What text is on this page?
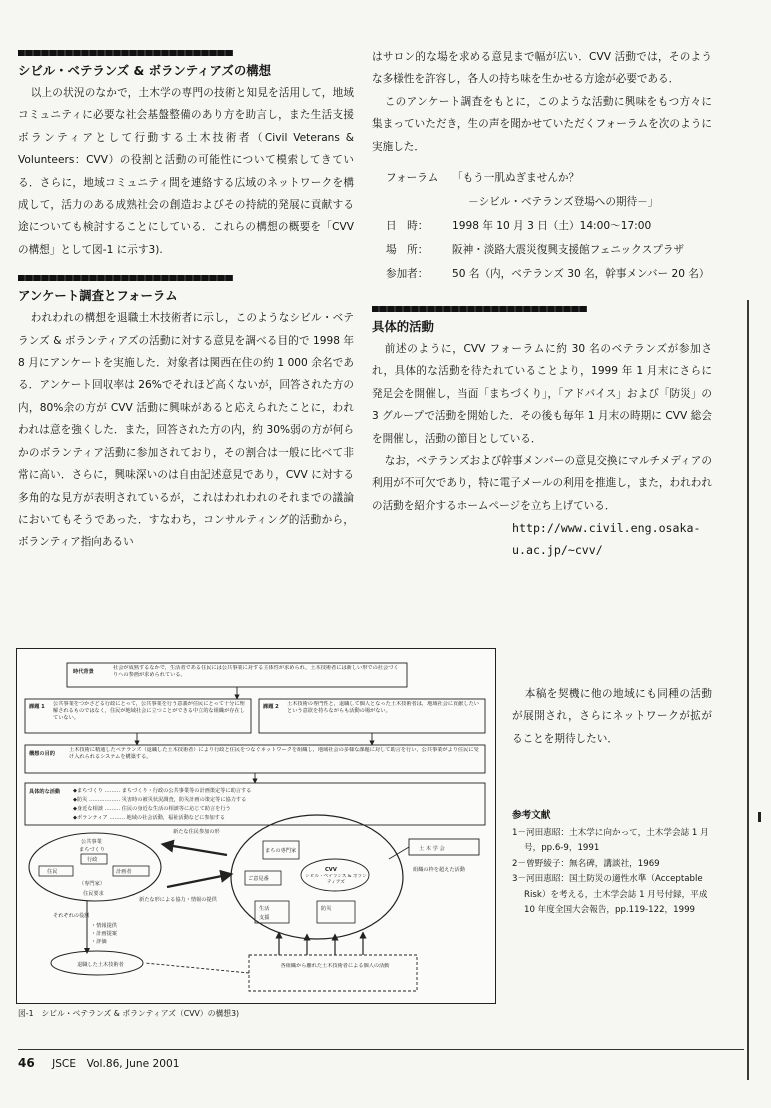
シビル・ベテランズ & ボランティアズの構想

以上の状況のなかで，土木学の専門の技術と知見を活用して，地域コミュニティに必要な社会基盤整備のあり方を助言し，また生活支援ボランティアとして行動する土木技術者（Civil Veterans & Volunteers：CVV）の役割と活動の可能性について模索してきている．さらに，地域コミュニティ間を連絡する広域のネットワークを構成して，活力のある成熟社会の創造およびその持続的発展に貢献する途についても検討することにしている．これらの構想の概要を「CVV の構想」として図-1 に示す3).

アンケート調査とフォーラム

われわれの構想を退職土木技術者に示し，このようなシビル・ベテランズ & ボランティアズの活動に対する意見を調べる目的で 1998 年 8 月にアンケートを実施した．対象者は関西在住の約 1 000 余名である．アンケート回収率は 26%でそれほど高くないが，回答された方の内，80%余の方が CVV 活動に興味があると応えられたことに，われわれは意を強くした．また，回答された方の内，約 30%弱の方が何らかのボランティア活動に参加されており，その割合は一般に比べて非常に高い．さらに，興味深いのは自由記述意見であり，CVV に対する多角的な見方が表明されているが，これはわれわれのそれまでの議論においてもそうであった．すなわち，コンサルティング的活動から，ボランティア指向あるい

はサロン的な場を求める意見まで幅が広い．CVV 活動では，そのような多様性を許容し，各人の持ち味を生かせる方途が必要である．

このアンケート調査をもとに，このような活動に興味をもつ方々に集まっていただき，生の声を聞かせていただくフォーラムを次のように実施した．

フォーラム	「もう一肌ぬぎませんか？
－シビル・ベテランズ登場への期待－」
日　時：	1998 年 10 月 3 日（土）14:00～17:00
場　所：	阪神・淡路大震災復興支援館フェニックスプラザ
参加者：	50 名（内，ベテランズ 30 名，幹事メンバー 20 名）
具体的活動

前述のように，CVV フォーラムに約 30 名のベテランズが参加され，具体的な活動を待たれていることより，1999 年 1 月末にさらに発足会を開催し，当面「まちづくり」，「アドバイス」および「防災」の 3 グループで活動を開始した．その後も毎年 1 月末の時期に CVV 総会を開催し，活動の節目としている．

なお，ベテランズおよび幹事メンバーの意見交換にマルチメディアの利用が不可欠であり，特に電子メールの利用を推進し，また，われわれの活動を紹介するホームページを立ち上げている．

http://www.civil.eng.osaka-
u.ac.jp/~cvv/
本稿を契機に他の地域にも同種の活動が展開され，さらにネットワークが拡がることを期待したい．
参考文献
1－河田恵昭：土木学に向かって，土木学会誌 1 月号，pp.6-9，1991
2－曾野綾子：無名碑，講談社，1969
3－河田恵昭：国土防災の適性水準（Acceptable Risk）を考える，土木学会誌 1 月号付録，平成 10 年度全国大会報告，pp.119-122，1999
時代背景
社会が成熟するなかで，生活者である住民には公共事業に対する主体性が求められ，土木技術者には新しい形での社会づくりへの参画が求められている。
課題 1 公共事業をつかさどる行政にとって，公共事業を行う意義が住民にとって十分に理解されるものではなく，住民が地域社会に立つことができる中立的な組織が存在していない。
課題 2 土木技術の専門性と，退職して個人となった土木技術者は，地域社会に貢献したいという意欲を持ちながらも活動の場がない。
構想の目的
土木技術に精通したベテランズ（退職した土木技術者）により行政と住民をつなぐネットワークを組織し，地域社会の多様な課題に対して助言を行い，公共事業がより住民に受け入れられるシステムを構築する。
具体的な活動 ◆まちづくり ……… まちづくり・行政の公共事業等の計画策定等に助言する
◆防災 ……………… 災害時の被災状況調査，防災計画の策定等に協力する
◆身近な相談 ……… 住民の身近な生活の相談等に応じて助言を行う
◆ボランティア ……… 地域の社会活動，福祉活動などに参加する
公共事業
まちづくり
行政
住民	計画者
（専門家）
住民要求
新たな住民参加の形
新たな形による協力・情報の提供
まちの専門家
ご意見番
CVV
シビル・ベテランズ & ボランティアズ
生活
支援
防災
土 木 学 会
組織の枠を超えた活動
それぞれの役割
・情報提供
・計画提案
・評価
退職した土木技術者	各組織から離れた土木技術者による個人の活動
図-1　シビル・ベテランズ & ボランティアズ（CVV）の構想3)
46 JSCE　Vol.86, June 2001
